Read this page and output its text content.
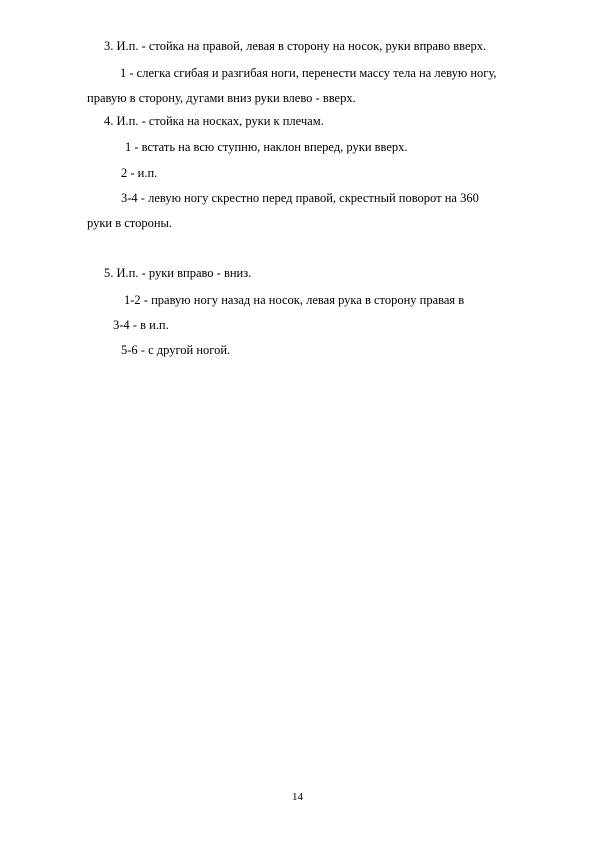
3. И.п. - стойка на правой, левая в сторону на носок, руки вправо вверх.

1 - слегка сгибая и разгибая ноги, перенести массу тела на левую ногу,

правую в сторону, дугами вниз руки влево - вверх.

4. И.п. - стойка на носках, руки к плечам.

1 - встать на всю ступню, наклон вперед, руки вверх.

2 - и.п.

3-4 - левую ногу скрестно перед правой, скрестный поворот на 360

руки в стороны.

5. И.п. - руки вправо - вниз.

1-2 - правую ногу назад на носок, левая рука в сторону правая в

3-4 - в и.п.

5-6 - с другой ногой.

14
